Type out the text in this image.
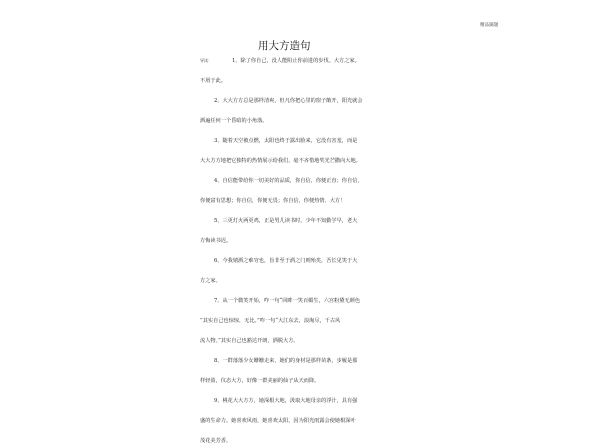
精品隨题
用大方造句
导读：	1、除了你自己，没人能阻止你前进的步伐。大方之家。
不屑于此。
2、大大方方总是那样清爽，但凡你把心里的窗子敞开，阳光就会
洒遍任何一个昏暗的小角落。
3、随着天空被点燃，太阳也终于露出脸来，它没有害羞，而是
大大方方地把它独特的热情展示给我们，毫不吝惜地奖光芒撒向大地。
4、自信能带给你一切美好的品质，你自信，你便正直；你自信，
你便富有思想；你自信，你便无畏；你自信，你便热情、大方！
5、三更灯火两更鸡，正是男儿读书时，少年不知勤学早，老大
方悔读书迟。
6、今我嬉洒之难穷也，旨非至于酒之门则殆矣，吾长见笑于大
方之家。
7、从一个微笑开始，咋一句“回眸一笑百媚生，六宫粉黛无颜色
”其实自己也惊惊，无比。”咋一句“大江东去，浪淘尽，千古风
流人物。”其实自己也豁达开朗，洒脱大方。
8、一群落落少女姗姗走来，她们的身材是那样苗条，步履是那
样轻盈，仪态大方，好像一群美丽的仙子从天而降。
9、桃花大大方方，她深根大地，汲取大地母亲的浮汁，具有强
盛的生命力。她喜欢风雨，她喜欢太阳，因为阳光雨露会使她根深叶
茂花美芳香。
